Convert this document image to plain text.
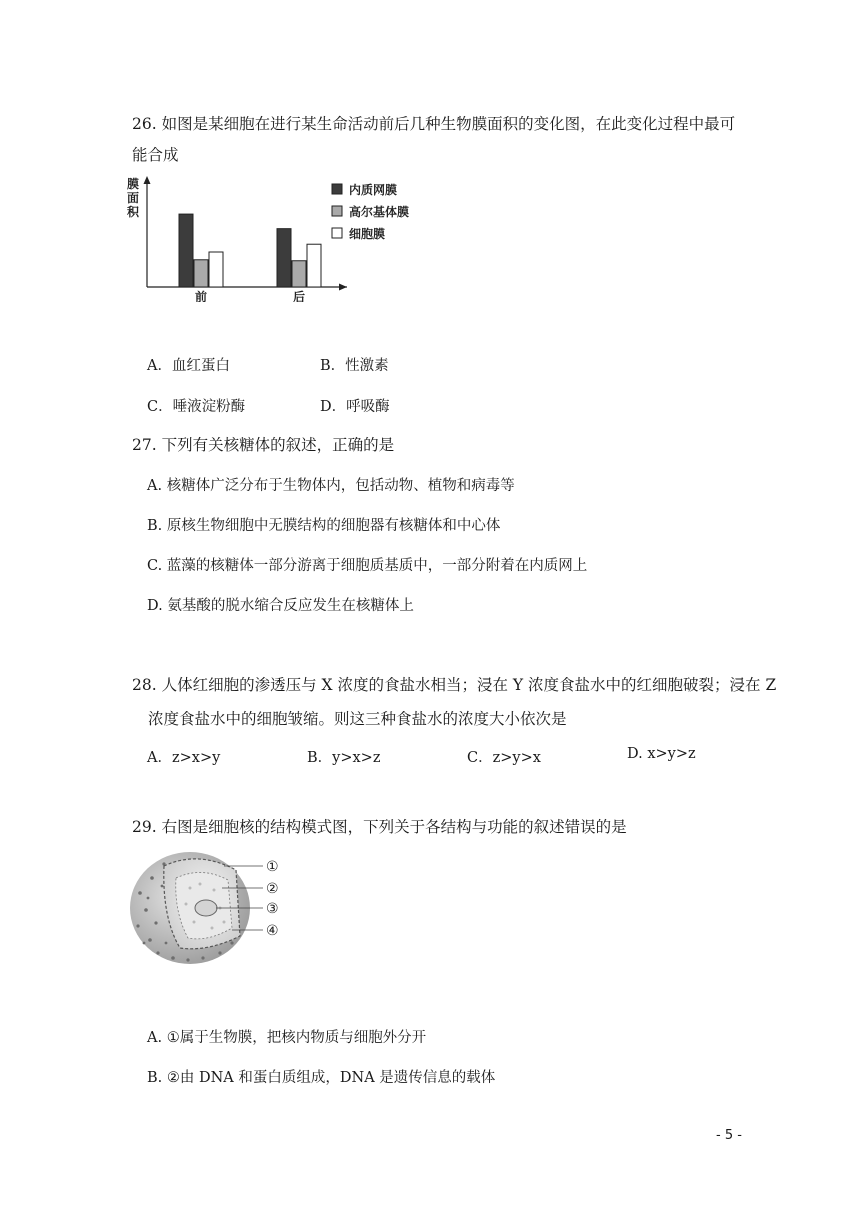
26. 如图是某细胞在进行某生命活动前后几种生物膜面积的变化图，在此变化过程中最可
能合成
膜
面
积
前	后
内质网膜
高尔基体膜
细胞膜
A．血红蛋白	B．性激素
C．唾液淀粉酶	D．呼吸酶
27. 下列有关核糖体的叙述，正确的是
A. 核糖体广泛分布于生物体内，包括动物、植物和病毒等
B. 原核生物细胞中无膜结构的细胞器有核糖体和中心体
C. 蓝藻的核糖体一部分游离于细胞质基质中，一部分附着在内质网上
D. 氨基酸的脱水缩合反应发生在核糖体上
28. 人体红细胞的渗透压与 X 浓度的食盐水相当；浸在 Y 浓度食盐水中的红细胞破裂；浸在 Z
浓度食盐水中的细胞皱缩。则这三种食盐水的浓度大小依次是
A．z>x>y	B．y>x>z	C．z>y>x	D. x>y>z
29. 右图是细胞核的结构模式图，下列关于各结构与功能的叙述错误的是
①
②
③
④
A. ①属于生物膜，把核内物质与细胞外分开
B. ②由 DNA 和蛋白质组成，DNA 是遗传信息的载体
- 5 -
